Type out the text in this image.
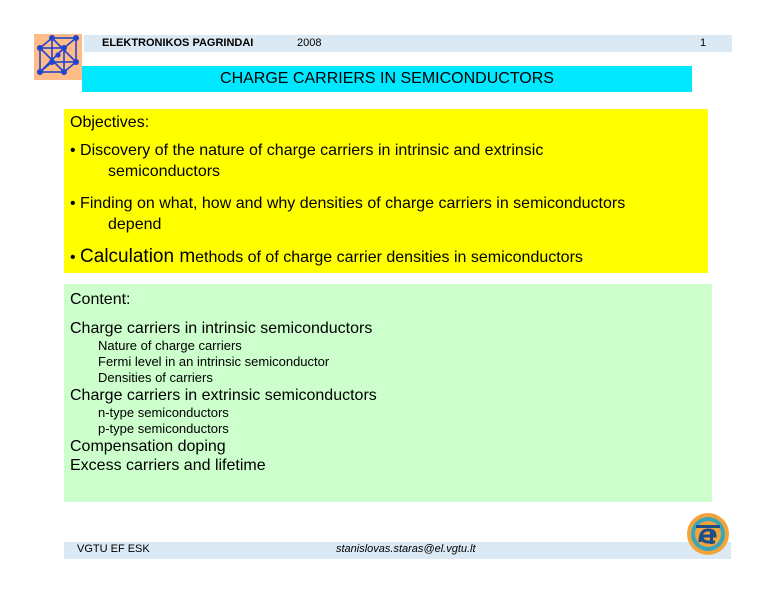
ELEKTRONIKOS PAGRINDAI	2008	1
CHARGE CARRIERS IN SEMICONDUCTORS
Objectives:
• Discovery of the nature of charge carriers in intrinsic and extrinsic
semiconductors
• Finding on what, how and why densities of charge carriers in semiconductors
depend
• Calculation methods of of charge carrier densities in semiconductors
Content:
Charge carriers in intrinsic semiconductors
Nature of charge carriers
Fermi level in an intrinsic semiconductor
Densities of carriers
Charge carriers in extrinsic semiconductors
n-type semiconductors
p-type semiconductors
Compensation doping
Excess carriers and lifetime
VGTU EF ESK	stanislovas.staras@el.vgtu.lt
